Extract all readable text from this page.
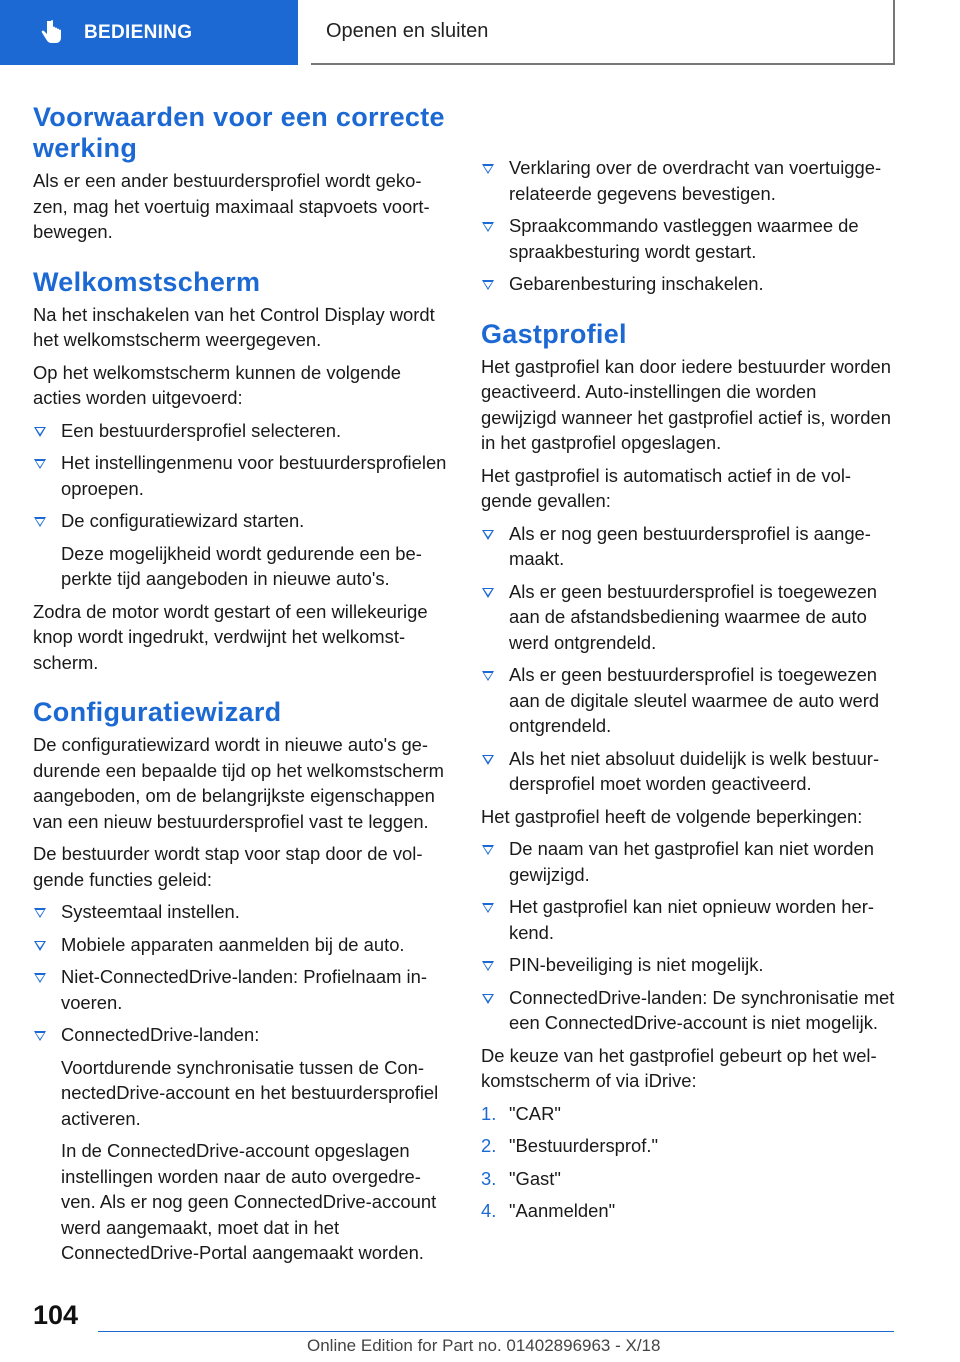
BEDIENING	Openen en sluiten
Voorwaarden voor een correcte werking

Als er een ander bestuurdersprofiel wordt gekozen, mag het voertuig maximaal stapvoets voortbewegen.

Welkomstscherm

Na het inschakelen van het Control Display wordt het welkomstscherm weergegeven.

Op het welkomstscherm kunnen de volgende acties worden uitgevoerd:

Een bestuurdersprofiel selecteren.
Het instellingenmenu voor bestuurdersprofielen oproepen.
De configuratiewizard starten.
Deze mogelijkheid wordt gedurende een beperkte tijd aangeboden in nieuwe auto's.

Zodra de motor wordt gestart of een willekeurige knop wordt ingedrukt, verdwijnt het welkomstscherm.

Configuratiewizard

De configuratiewizard wordt in nieuwe auto's gedurende een bepaalde tijd op het welkomstscherm aangeboden, om de belangrijkste eigenschappen van een nieuw bestuurdersprofiel vast te leggen.

De bestuurder wordt stap voor stap door de volgende functies geleid:

Systeemtaal instellen.
Mobiele apparaten aanmelden bij de auto.
Niet-ConnectedDrive-landen: Profielnaam invoeren.
ConnectedDrive-landen:
Voortdurende synchronisatie tussen de ConnectedDrive-account en het bestuurdersprofiel activeren.
In de ConnectedDrive-account opgeslagen instellingen worden naar de auto overgedreven. Als er nog geen ConnectedDrive-account werd aangemaakt, moet dat in het ConnectedDrive-Portal aangemaakt worden.
Verklaring over de overdracht van voertuiggerelateerde gegevens bevestigen.
Spraakcommando vastleggen waarmee de spraakbesturing wordt gestart.
Gebarenbesturing inschakelen.
Gastprofiel

Het gastprofiel kan door iedere bestuurder worden geactiveerd. Auto-instellingen die worden gewijzigd wanneer het gastprofiel actief is, worden in het gastprofiel opgeslagen.

Het gastprofiel is automatisch actief in de volgende gevallen:

Als er nog geen bestuurdersprofiel is aangemaakt.
Als er geen bestuurdersprofiel is toegewezen aan de afstandsbediening waarmee de auto werd ontgrendeld.
Als er geen bestuurdersprofiel is toegewezen aan de digitale sleutel waarmee de auto werd ontgrendeld.
Als het niet absoluut duidelijk is welk bestuurdersprofiel moet worden geactiveerd.

Het gastprofiel heeft de volgende beperkingen:

De naam van het gastprofiel kan niet worden gewijzigd.
Het gastprofiel kan niet opnieuw worden herkend.
PIN-beveiliging is niet mogelijk.
ConnectedDrive-landen: De synchronisatie met een ConnectedDrive-account is niet mogelijk.

De keuze van het gastprofiel gebeurt op het welkomstscherm of via iDrive:

1. "CAR"
2. "Bestuurdersprof."
3. "Gast"
4. "Aanmelden"
104
Online Edition for Part no. 01402896963 - X/18
